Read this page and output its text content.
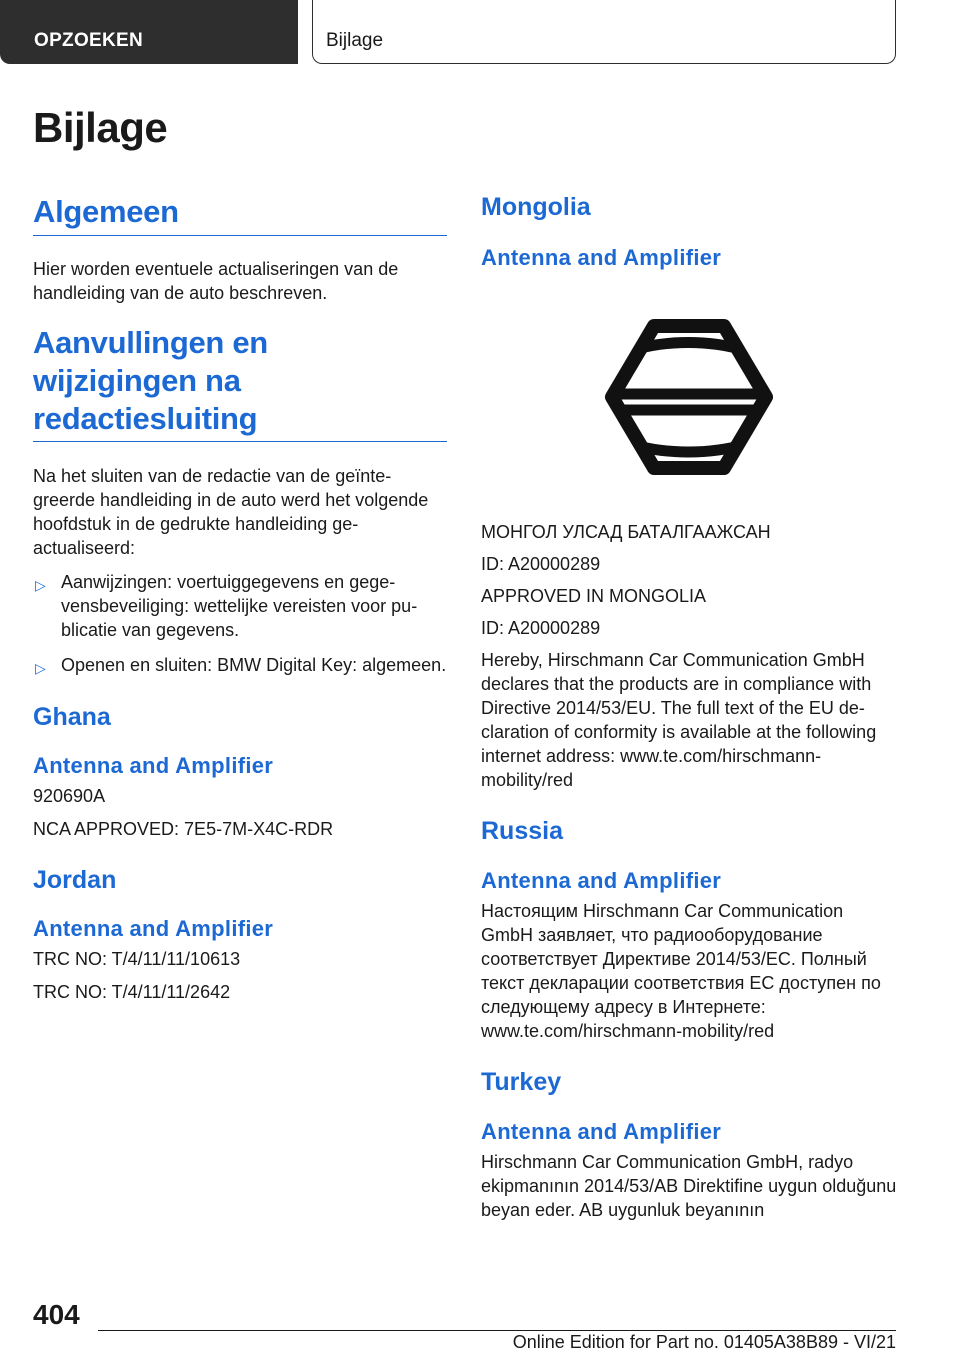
OPZOEKEN	Bijlage
Bijlage
Algemeen

Hier worden eventuele actualiseringen van de handleiding van de auto beschreven.

Aanvullingen en
wijzigingen na
redactiesluiting

Na het sluiten van de redactie van de geïntegreerde handleiding in de auto werd het volgende hoofdstuk in de gedrukte handleiding geactualiseerd:

▷ Aanwijzingen: voertuiggegevens en gegevensbeveiliging: wettelijke vereisten voor publicatie van gegevens.
▷ Openen en sluiten: BMW Digital Key: algemeen.
Ghana
Antenna and Amplifier

920690A

NCA APPROVED: 7E5-7M-X4C-RDR

Jordan
Antenna and Amplifier

TRC NO: T/4/11/11/10613

TRC NO: T/4/11/11/2642

Mongolia
Antenna and Amplifier

МОНГОЛ УЛСАД БАТАЛГААЖСАН

ID: A20000289

APPROVED IN MONGOLIA

ID: A20000289

Hereby, Hirschmann Car Communication GmbH declares that the products are in compliance with Directive 2014/53/EU. The full text of the EU declaration of conformity is available at the following internet address: www.te.com/hirschmann-mobility/red

Russia
Antenna and Amplifier

Настоящим Hirschmann Car Communication GmbH заявляет, что радиооборудование соответствует Директиве 2014/53/ЕС. Полный текст декларации соответствия ЕС доступен по следующему адресу в Интернете: www.te.com/hirschmann-mobility/red

Turkey
Antenna and Amplifier

Hirschmann Car Communication GmbH, radyo ekipmanının 2014/53/AB Direktifine uygun olduğunu beyan eder. AB uygunluk beyanının

404
Online Edition for Part no. 01405A38B89 - VI/21
